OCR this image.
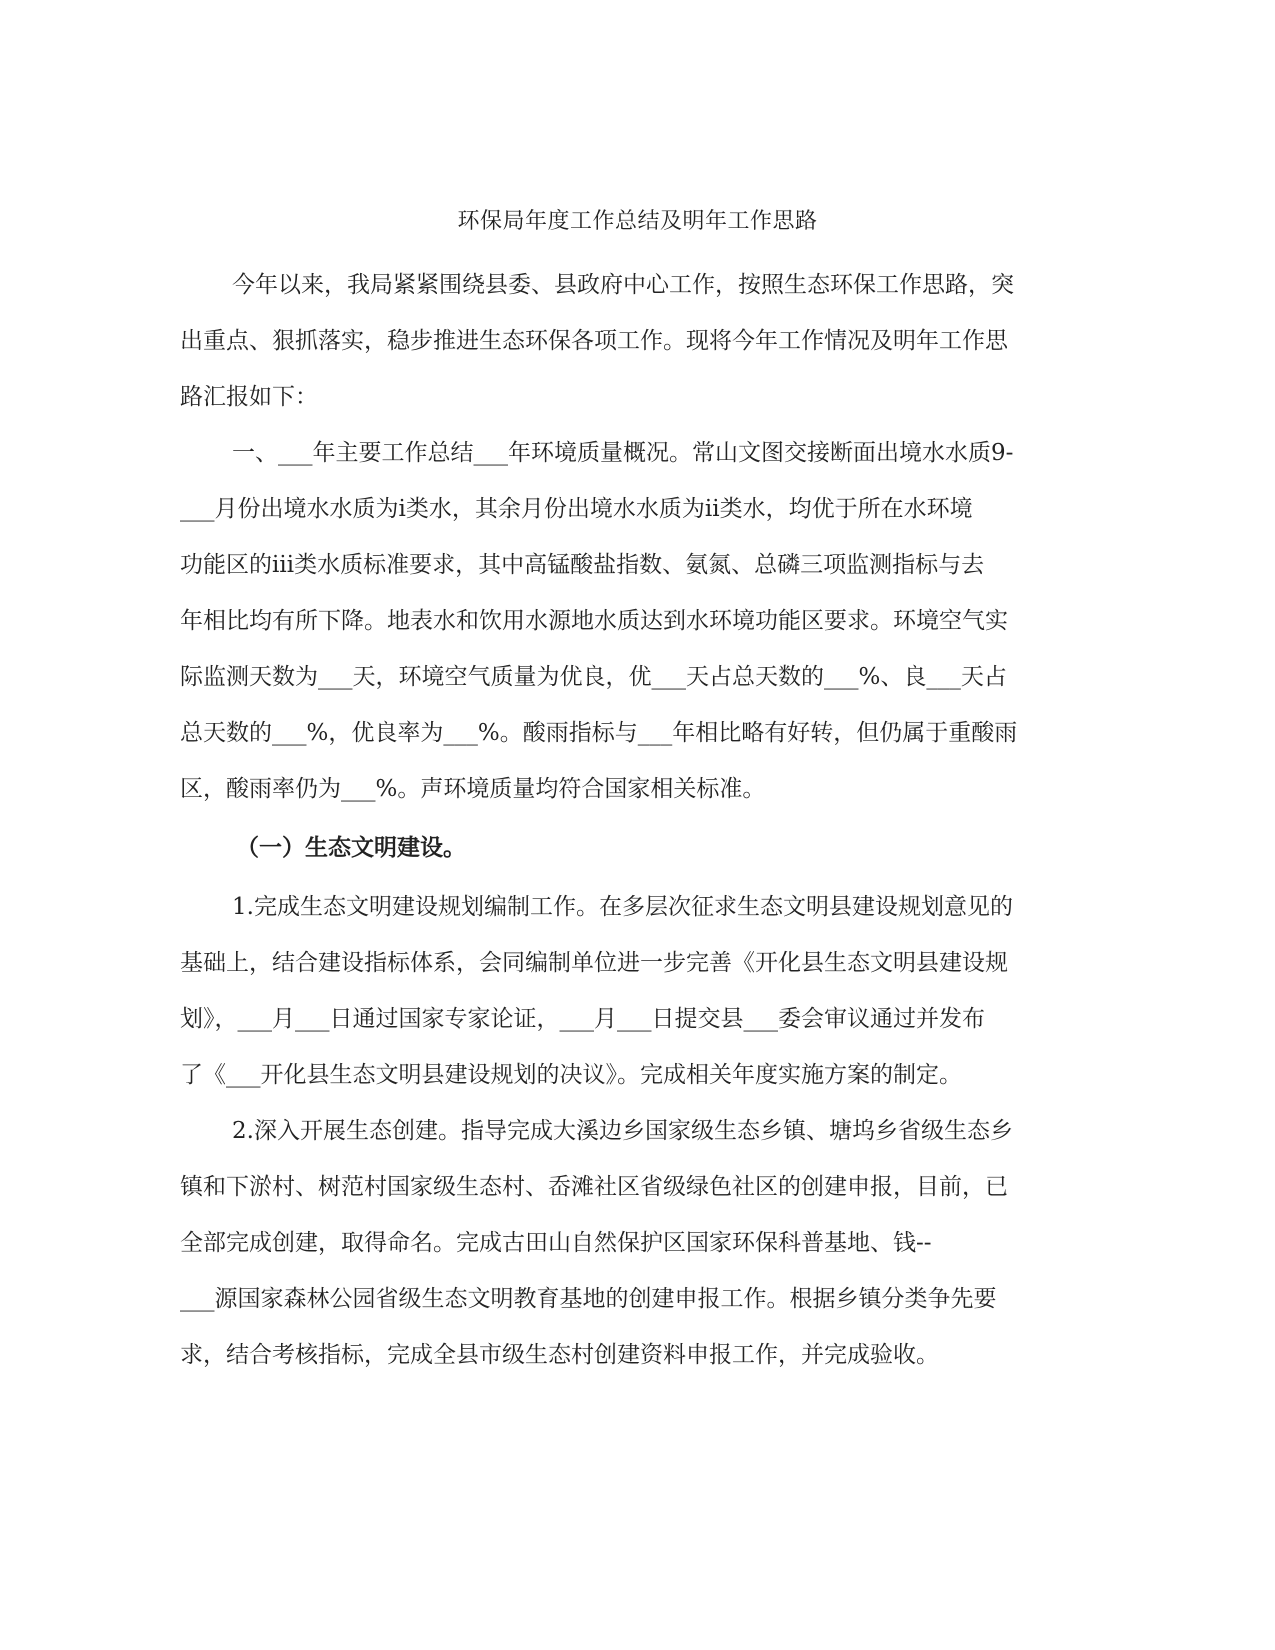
环保局年度工作总结及明年工作思路
今年以来，我局紧紧围绕县委、县政府中心工作，按照生态环保工作思路，突
出重点、狠抓落实，稳步推进生态环保各项工作。现将今年工作情况及明年工作思
路汇报如下：
一、___年主要工作总结___年环境质量概况。常山文图交接断面出境水水质9-
___月份出境水水质为ⅰ类水，其余月份出境水水质为ⅱ类水，均优于所在水环境
功能区的ⅲ类水质标准要求，其中高锰酸盐指数、氨氮、总磷三项监测指标与去
年相比均有所下降。地表水和饮用水源地水质达到水环境功能区要求。环境空气实
际监测天数为___天，环境空气质量为优良，优___天占总天数的___%、良___天占
总天数的___%，优良率为___%。酸雨指标与___年相比略有好转，但仍属于重酸雨
区，酸雨率仍为___%。声环境质量均符合国家相关标准。
（一）生态文明建设。
1.完成生态文明建设规划编制工作。在多层次征求生态文明县建设规划意见的
基础上，结合建设指标体系，会同编制单位进一步完善《开化县生态文明县建设规
划》，___月___日通过国家专家论证，___月___日提交县___委会审议通过并发布
了《___开化县生态文明县建设规划的决议》。完成相关年度实施方案的制定。
2.深入开展生态创建。指导完成大溪边乡国家级生态乡镇、塘坞乡省级生态乡
镇和下淤村、树范村国家级生态村、岙滩社区省级绿色社区的创建申报，目前，已
全部完成创建，取得命名。完成古田山自然保护区国家环保科普基地、钱--
___源国家森林公园省级生态文明教育基地的创建申报工作。根据乡镇分类争先要
求，结合考核指标，完成全县市级生态村创建资料申报工作，并完成验收。
